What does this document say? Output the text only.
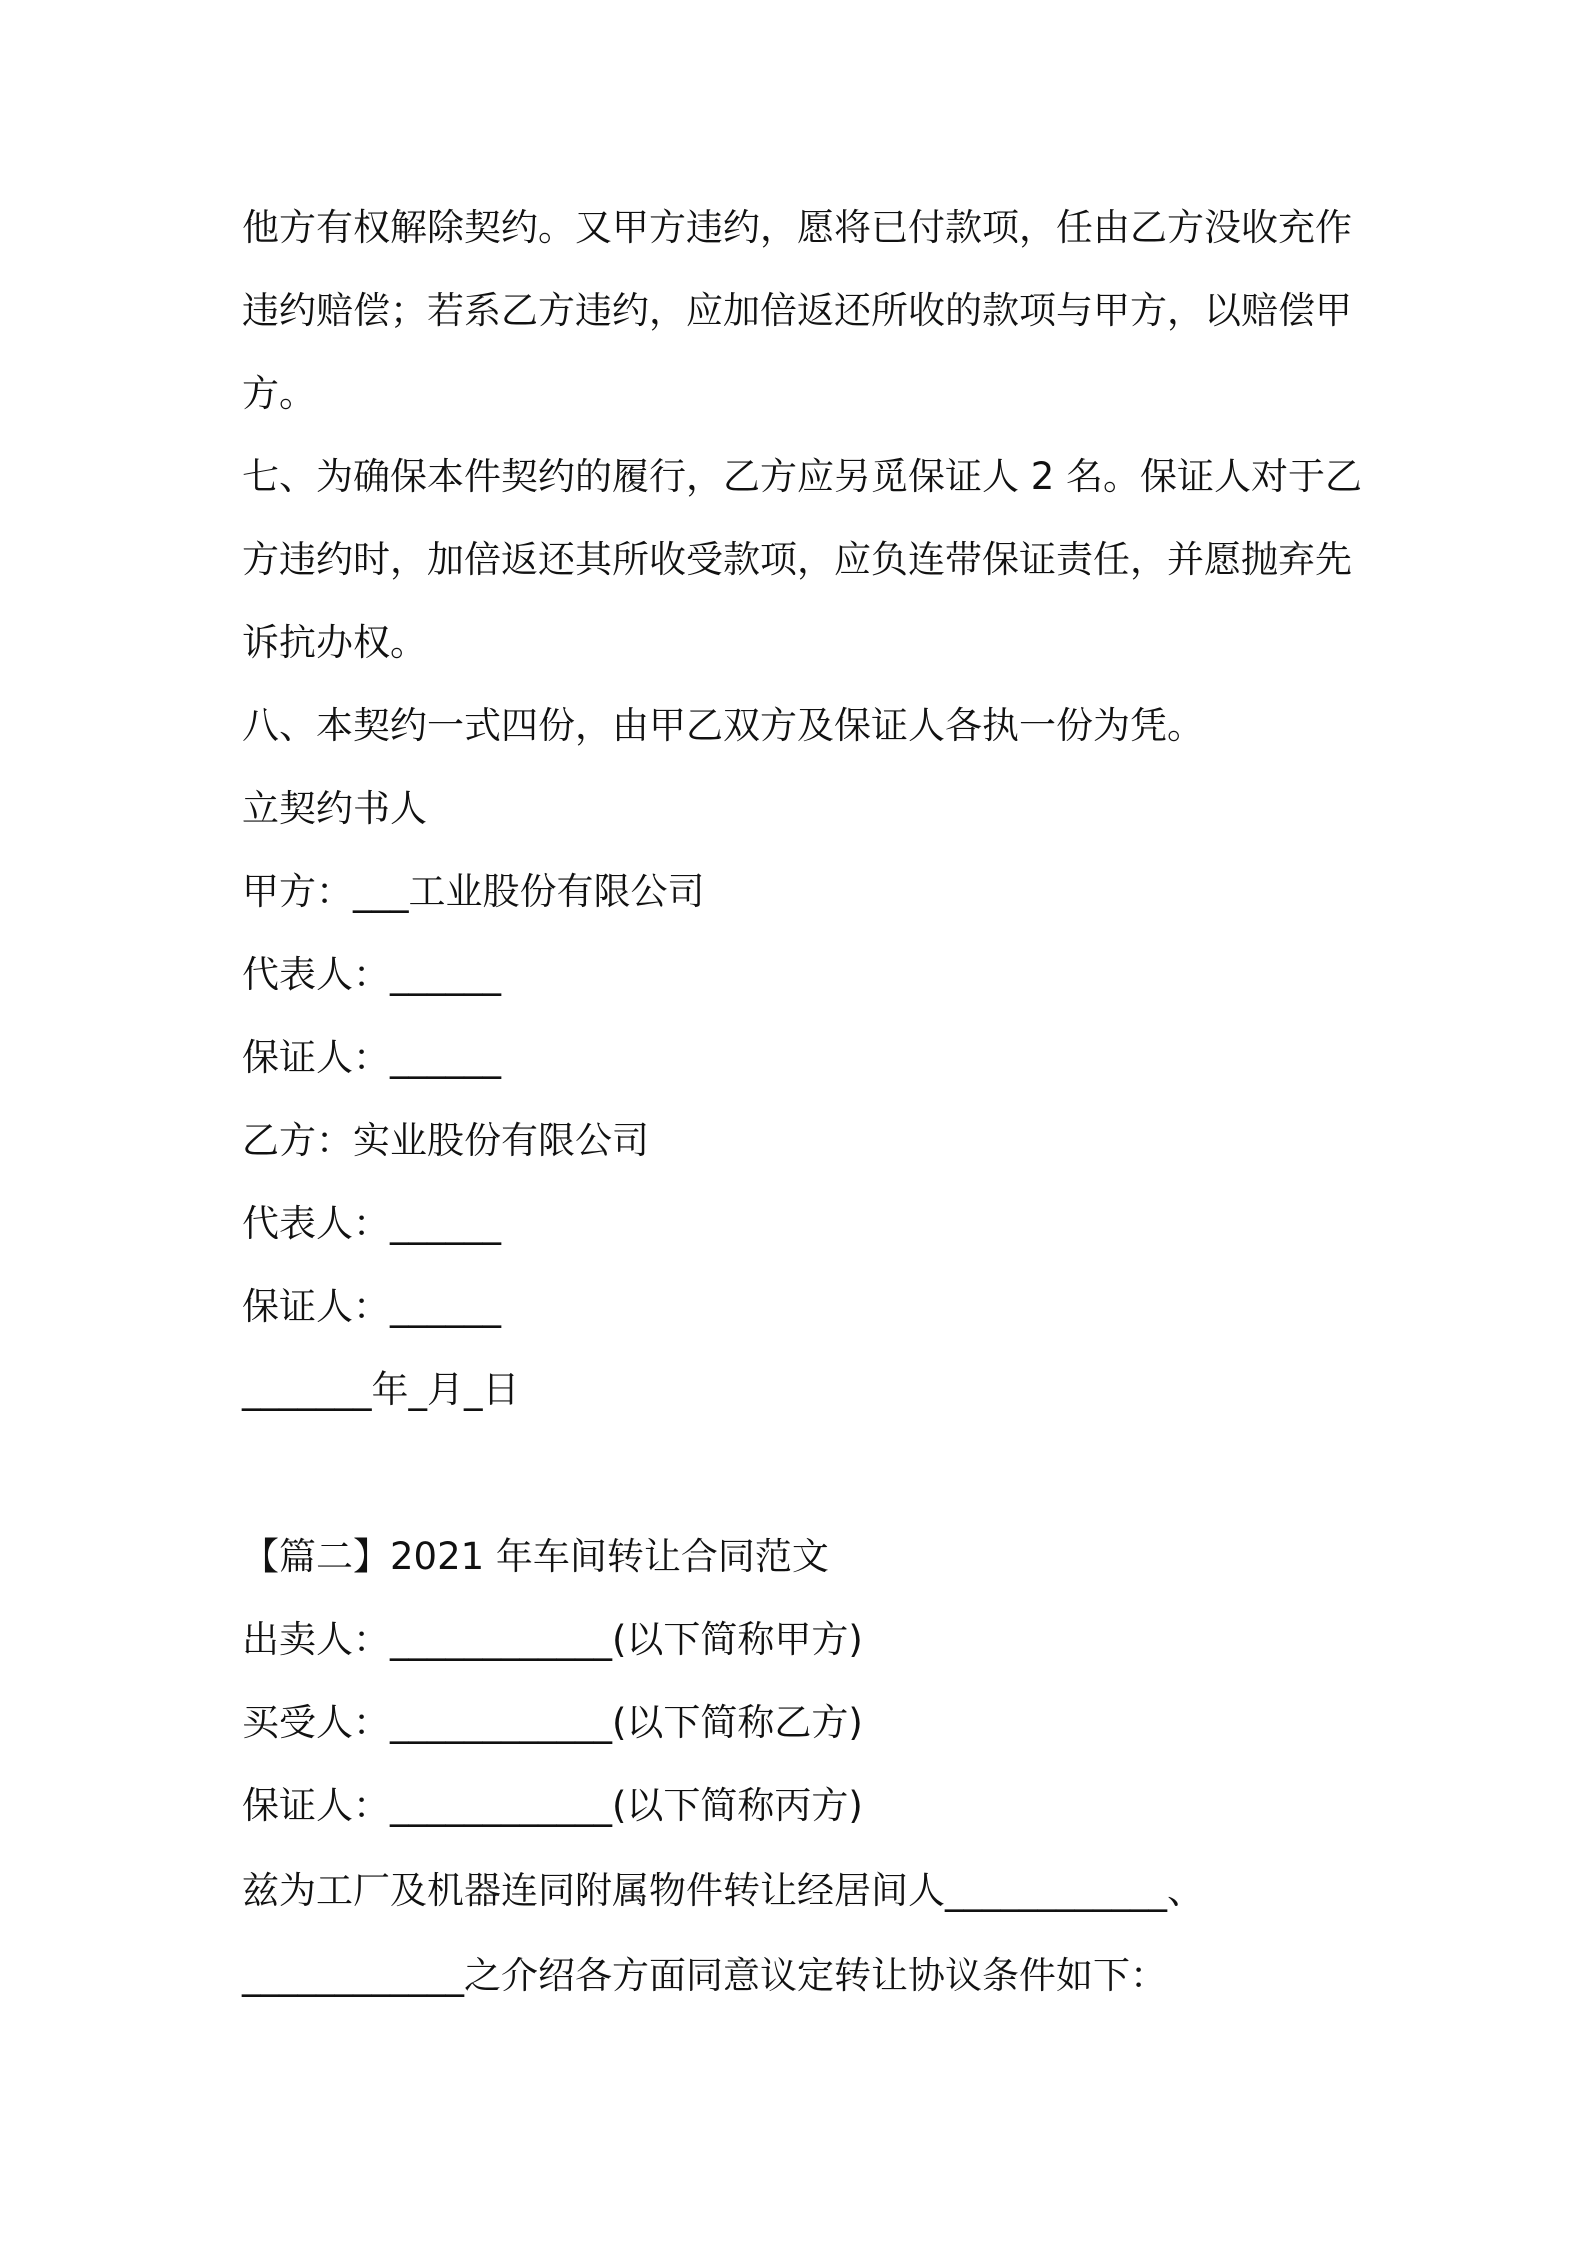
他方有权解除契约。又甲方违约，愿将已付款项，任由乙方没收充作
违约赔偿；若系乙方违约，应加倍返还所收的款项与甲方，以赔偿甲
方。
七、为确保本件契约的履行，乙方应另觅保证人 2 名。保证人对于乙
方违约时，加倍返还其所收受款项，应负连带保证责任，并愿抛弃先
诉抗办权。
八、本契约一式四份，由甲乙双方及保证人各执一份为凭。
立契约书人
甲方：___工业股份有限公司
代表人：______
保证人：______
乙方：实业股份有限公司
代表人：______
保证人：______
_______年_月_日
【篇二】2021 年车间转让合同范文
出卖人：____________(以下简称甲方)
买受人：____________(以下简称乙方)
保证人：____________(以下简称丙方)
兹为工厂及机器连同附属物件转让经居间人____________、
____________之介绍各方面同意议定转让协议条件如下：
